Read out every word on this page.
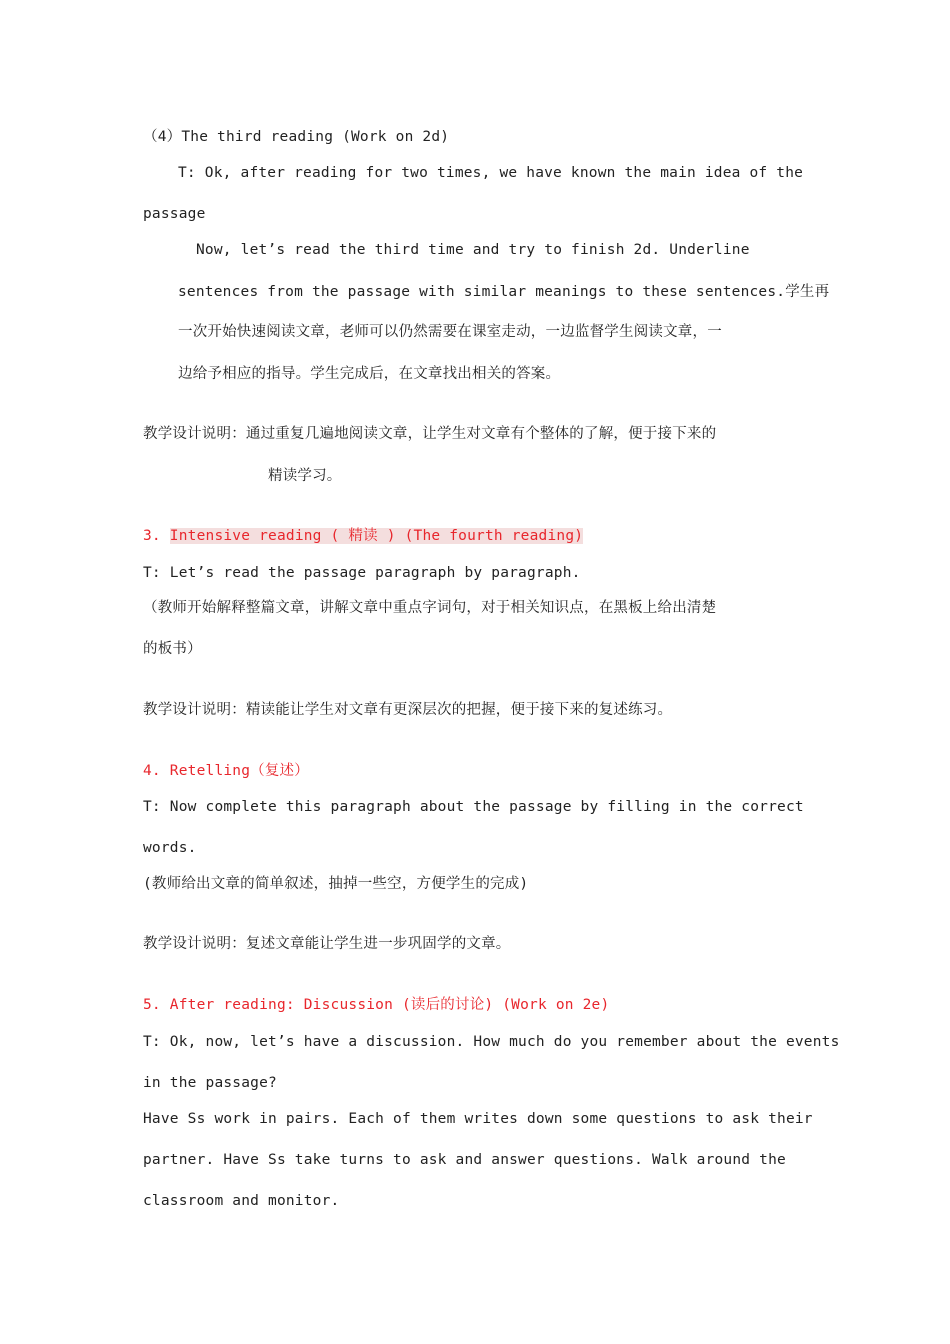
（4）The third reading (Work on 2d)
T: Ok, after reading for two times, we have known the main idea of the
passage
Now, let’s read the third time and try to finish 2d. Underline
sentences from the passage with similar meanings to these sentences.学生再
一次开始快速阅读文章，老师可以仍然需要在课室走动，一边监督学生阅读文章，一
边给予相应的指导。学生完成后，在文章找出相关的答案。
教学设计说明：通过重复几遍地阅读文章，让学生对文章有个整体的了解，便于接下来的
精读学习。
3. Intensive reading ( 精读 ) (The fourth reading)
T: Let’s read the passage paragraph by paragraph.
（教师开始解释整篇文章，讲解文章中重点字词句，对于相关知识点，在黑板上给出清楚
的板书）
教学设计说明：精读能让学生对文章有更深层次的把握，便于接下来的复述练习。
4. Retelling（复述）
T: Now complete this paragraph about the passage by filling in the correct
words.
(教师给出文章的简单叙述，抽掉一些空，方便学生的完成)
教学设计说明：复述文章能让学生进一步巩固学的文章。
5. After reading: Discussion (读后的讨论) (Work on 2e)
T: Ok, now, let’s have a discussion. How much do you remember about the events
in the passage?
Have Ss work in pairs. Each of them writes down some questions to ask their
partner. Have Ss take turns to ask and answer questions. Walk around the
classroom and monitor.
